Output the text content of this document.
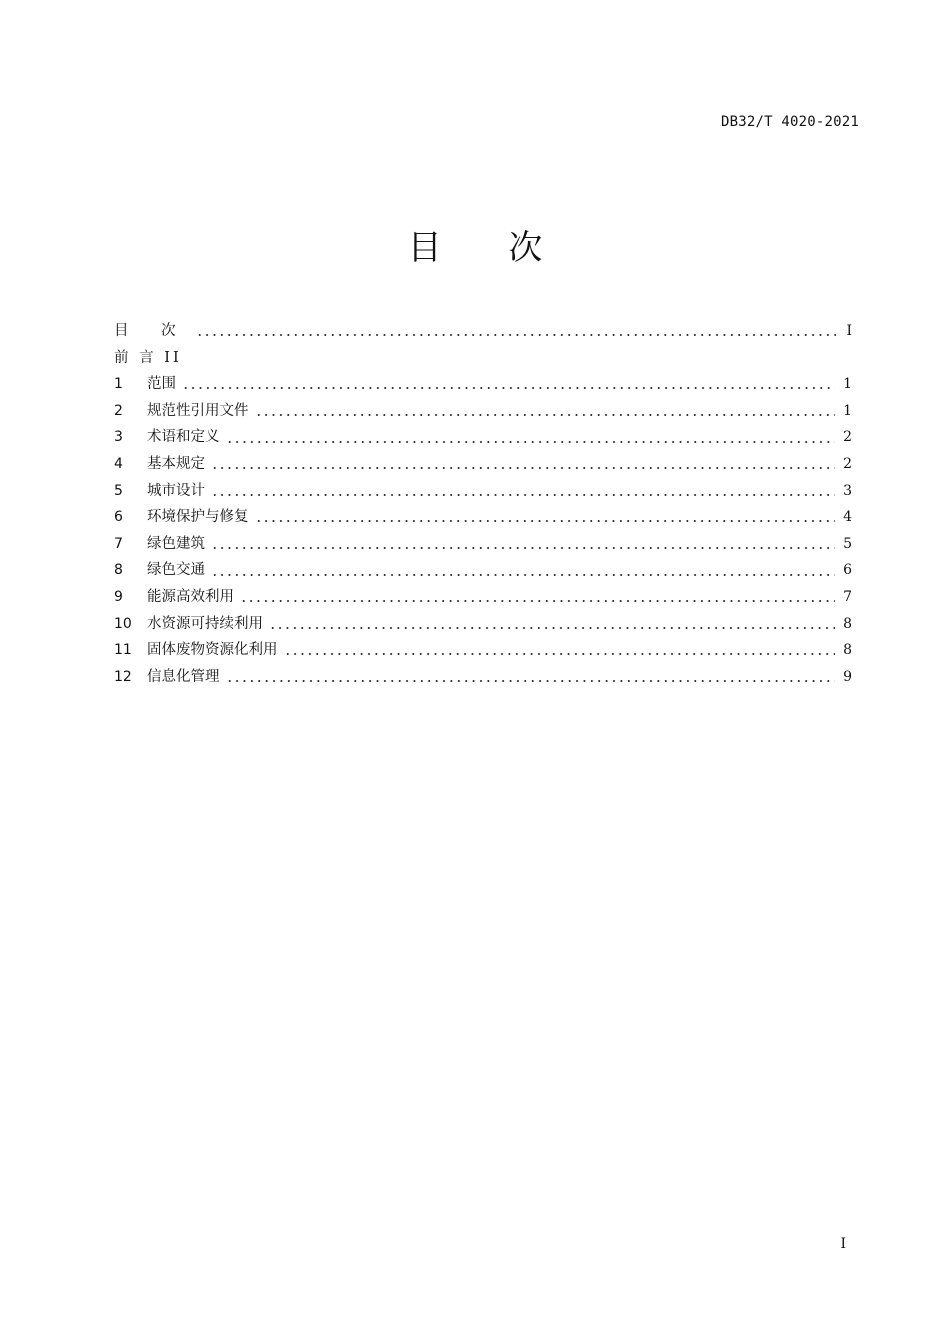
DB32/T 4020-2021
目 次
目 次	I
前 言 II
1	范围	1
2	规范性引用文件	1
3	术语和定义	2
4	基本规定	2
5	城市设计	3
6	环境保护与修复	4
7	绿色建筑	5
8	绿色交通	6
9	能源高效利用	7
10	水资源可持续利用	8
11	固体废物资源化利用	8
12	信息化管理	9
I
